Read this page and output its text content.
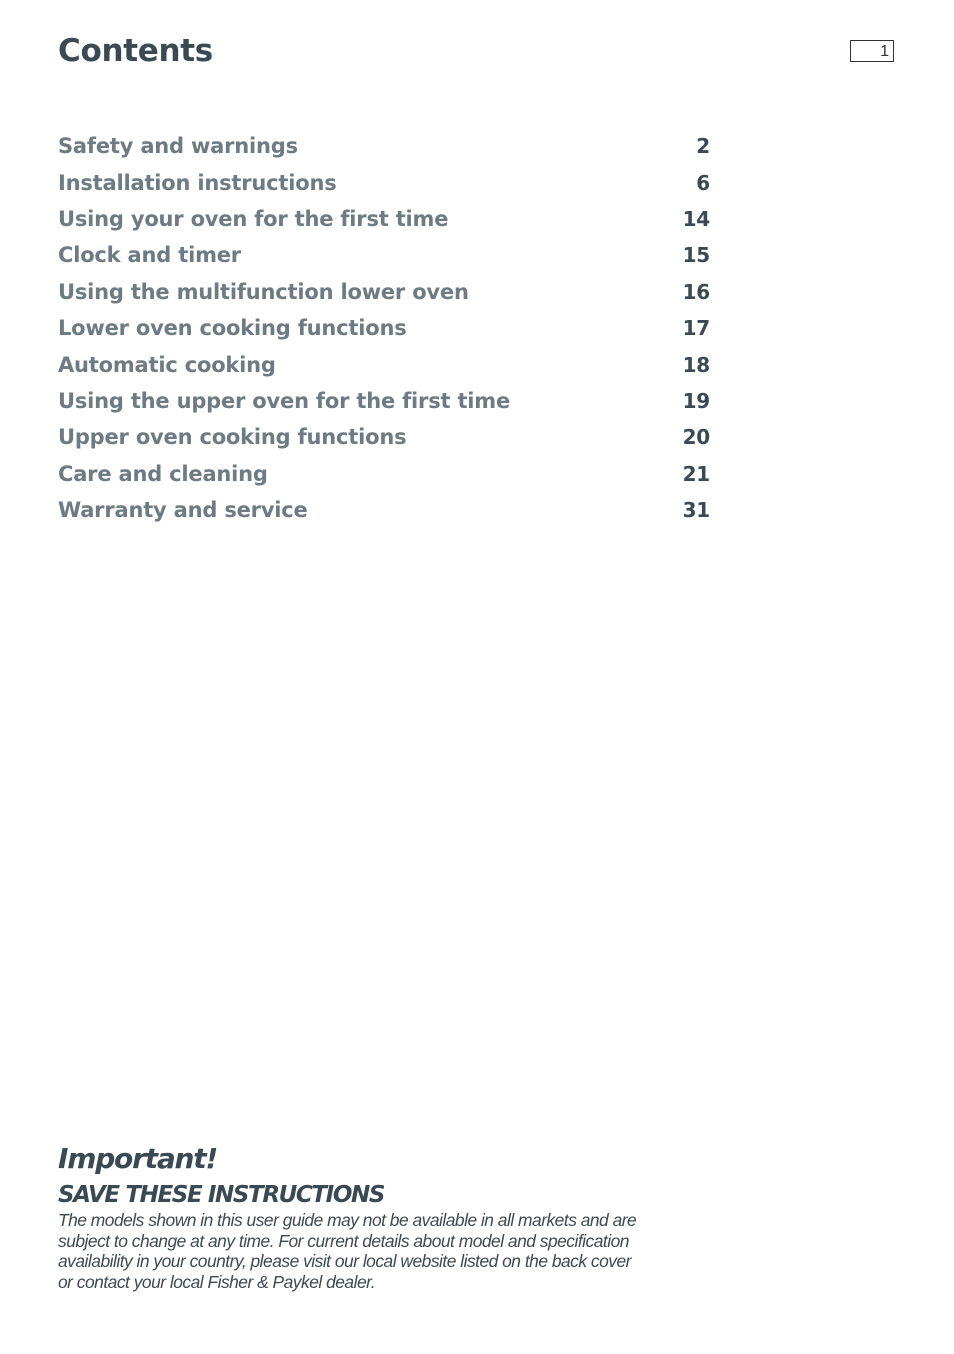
Contents	1
Safety and warnings	2
Installation instructions	6
Using your oven for the first time	14
Clock and timer	15
Using the multifunction lower oven	16
Lower oven cooking functions	17
Automatic cooking	18
Using the upper oven for the first time	19
Upper oven cooking functions	20
Care and cleaning	21
Warranty and service	31
Important!
SAVE THESE INSTRUCTIONS

The models shown in this user guide may not be available in all markets and are
subject to change at any time. For current details about model and specification
availability in your country, please visit our local website listed on the back cover
or contact your local Fisher & Paykel dealer.
